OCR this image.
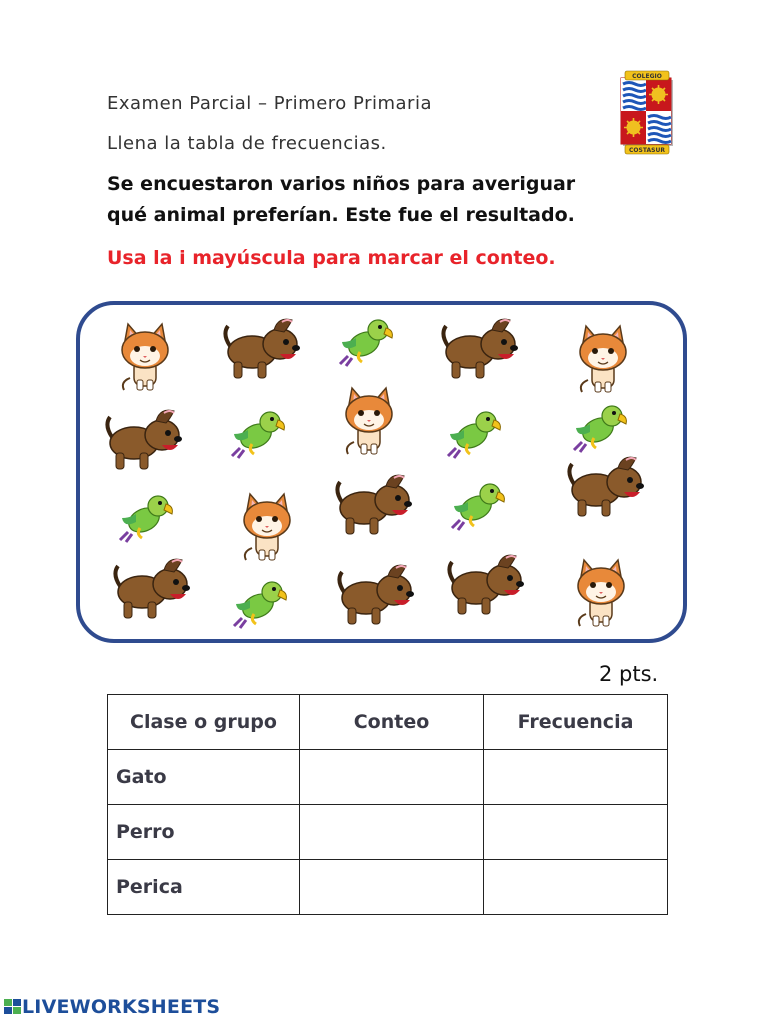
Examen Parcial – Primero Primaria
Llena la tabla de frecuencias.
COLEGIO
COSTASUR
Se encuestaron varios niños para averiguar
qué animal preferían. Este fue el resultado.
Usa la i mayúscula para marcar el conteo.
2 pts.
Clase o grupo	Conteo	Frecuencia
Gato		
Perro		
Perica		
LIVEWORKSHEETS
